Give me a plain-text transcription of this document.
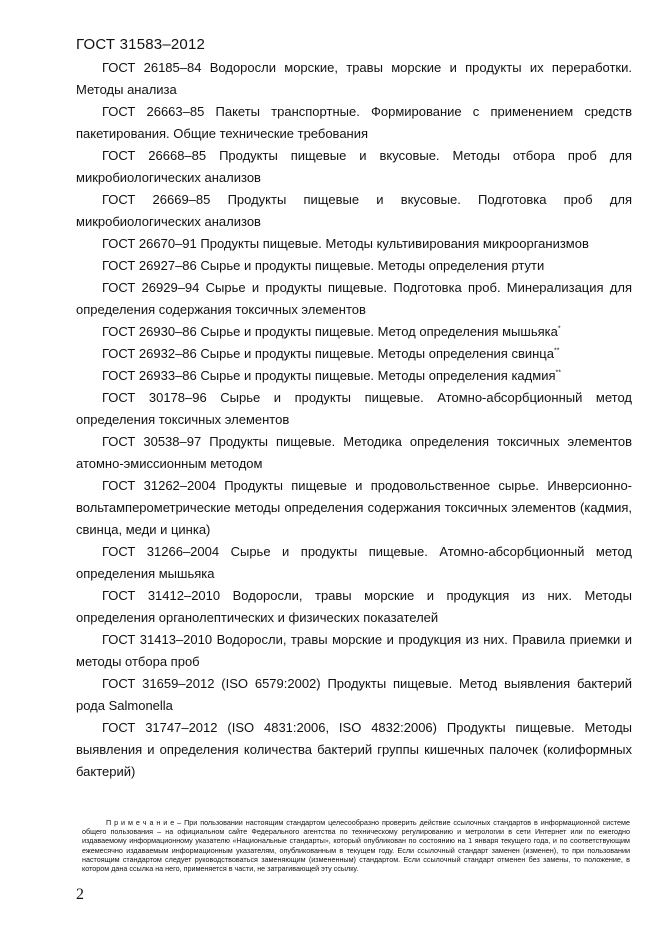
ГОСТ 31583–2012

ГОСТ 26185–84 Водоросли морские, травы морские и продукты их переработки. Методы анализа

ГОСТ 26663–85 Пакеты транспортные. Формирование с применением средств пакетирования. Общие технические требования

ГОСТ 26668–85 Продукты пищевые и вкусовые. Методы отбора проб для микробиологических анализов

ГОСТ 26669–85 Продукты пищевые и вкусовые. Подготовка проб для микробиологических анализов

ГОСТ 26670–91 Продукты пищевые. Методы культивирования микроорганизмов

ГОСТ 26927–86 Сырье и продукты пищевые. Методы определения ртути

ГОСТ 26929–94 Сырье и продукты пищевые. Подготовка проб. Минерализация для определения содержания токсичных элементов

ГОСТ 26930–86 Сырье и продукты пищевые. Метод определения мышьяка*

ГОСТ 26932–86 Сырье и продукты пищевые. Методы определения свинца**

ГОСТ 26933–86 Сырье и продукты пищевые. Методы определения кадмия**

ГОСТ 30178–96 Сырье и продукты пищевые. Атомно-абсорбционный метод определения токсичных элементов

ГОСТ 30538–97 Продукты пищевые. Методика определения токсичных элементов атомно-эмиссионным методом

ГОСТ 31262–2004 Продукты пищевые и продовольственное сырье. Инверсионно-вольтамперометрические методы определения содержания токсичных элементов (кадмия, свинца, меди и цинка)

ГОСТ 31266–2004 Сырье и продукты пищевые. Атомно-абсорбционный метод определения мышьяка

ГОСТ 31412–2010 Водоросли, травы морские и продукция из них. Методы определения органолептических и физических показателей

ГОСТ 31413–2010 Водоросли, травы морские и продукция из них. Правила приемки и методы отбора проб

ГОСТ 31659–2012 (ISO 6579:2002) Продукты пищевые. Метод выявления бактерий рода Salmonella

ГОСТ 31747–2012 (ISO 4831:2006, ISO 4832:2006) Продукты пищевые. Методы выявления и определения количества бактерий группы кишечных палочек (колиформных бактерий)

П р и м е ч а н и е – При пользовании настоящим стандартом целесообразно проверить действие ссылочных стандартов в информационной системе общего пользования – на официальном сайте Федерального агентства по техническому регулированию и метрологии в сети Интернет или по ежегодно издаваемому информационному указателю «Национальные стандарты», который опубликован по состоянию на 1 января текущего года, и по соответствующим ежемесячно издаваемым информационным указателям, опубликованным в текущем году. Если ссылочный стандарт заменен (изменен), то при пользовании настоящим стандартом следует руководствоваться заменяющим (измененным) стандартом. Если ссылочный стандарт отменен без замены, то положение, в котором дана ссылка на него, применяется в части, не затрагивающей эту ссылку.
2
